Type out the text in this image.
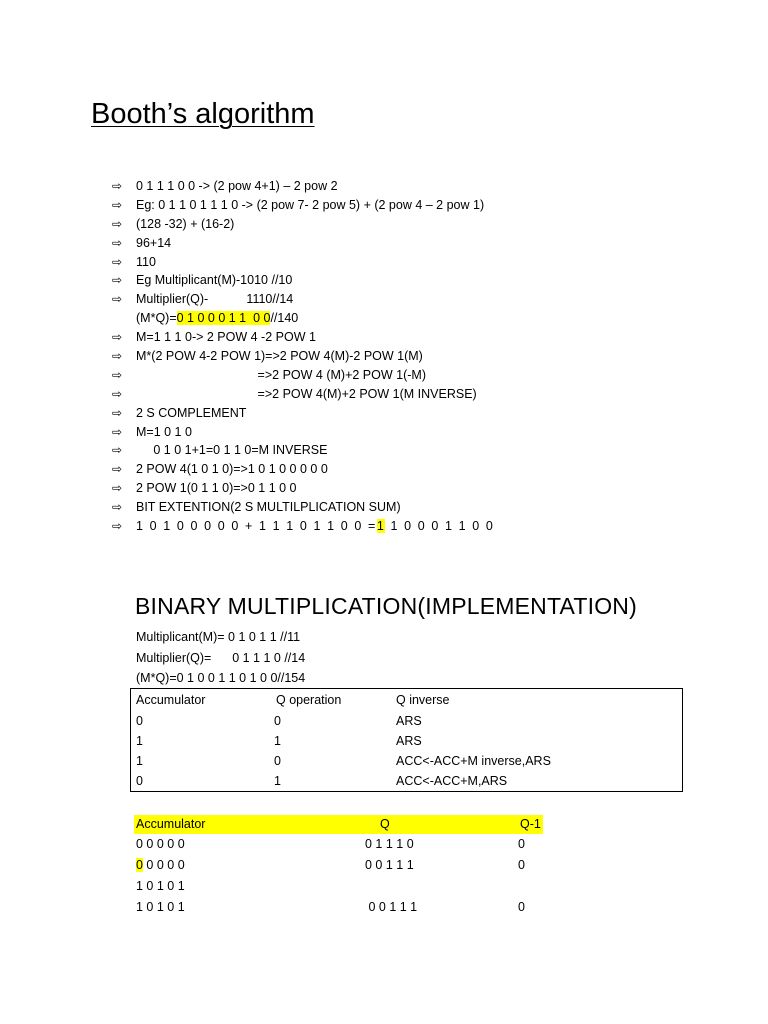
Booth’s algorithm
⇨	0 1 1 1 0 0 -> (2 pow 4+1) – 2 pow 2
⇨	Eg: 0 1 1 0 1 1 1 0 -> (2 pow 7- 2 pow 5) + (2 pow 4 – 2 pow 1)
⇨	(128 -32) + (16-2)
⇨	96+14
⇨	110
⇨	Eg Multiplicant(M)-1010 //10
⇨	Multiplier(Q)-           1110//14
(M*Q)=0 1 0 0 0 1 1  0 0//140
⇨	M=1 1 1 0-> 2 POW 4 -2 POW 1
⇨	M*(2 POW 4-2 POW 1)=>2 POW 4(M)-2 POW 1(M)
⇨	=>2 POW 4 (M)+2 POW 1(-M)
⇨	=>2 POW 4(M)+2 POW 1(M INVERSE)
⇨	2 S COMPLEMENT
⇨	M=1 0 1 0
⇨	0 1 0 1+1=0 1 1 0=M INVERSE
⇨	2 POW 4(1 0 1 0)=>1 0 1 0 0 0 0 0
⇨	2 POW 1(0 1 1 0)=>0 1 1 0 0
⇨	BIT EXTENTION(2 S MULTILPLICATION SUM)
⇨	1 0 1 0 0 0 0 0 + 1 1 1 0 1 1 0 0 =1 1 0 0 0 1 1 0 0
BINARY MULTIPLICATION(IMPLEMENTATION)
Multiplicant(M)= 0 1 0 1 1 //11
Multiplier(Q)=      0 1 1 1 0 //14
(M*Q)=0 1 0 0 1 1 0 1 0 0//154
Accumulator	Q operation	Q inverse
0	0	ARS
1	1	ARS
1	0	ACC<-ACC+M inverse,ARS
0	1	ACC<-ACC+M,ARS
Accumulator	Q	Q-1
0 0 0 0 0	0 1 1 1 0	0
0 0 0 0 0	0 0 1 1 1	0
1 0 1 0 1
1 0 1 0 1	0 0 1 1 1	0
